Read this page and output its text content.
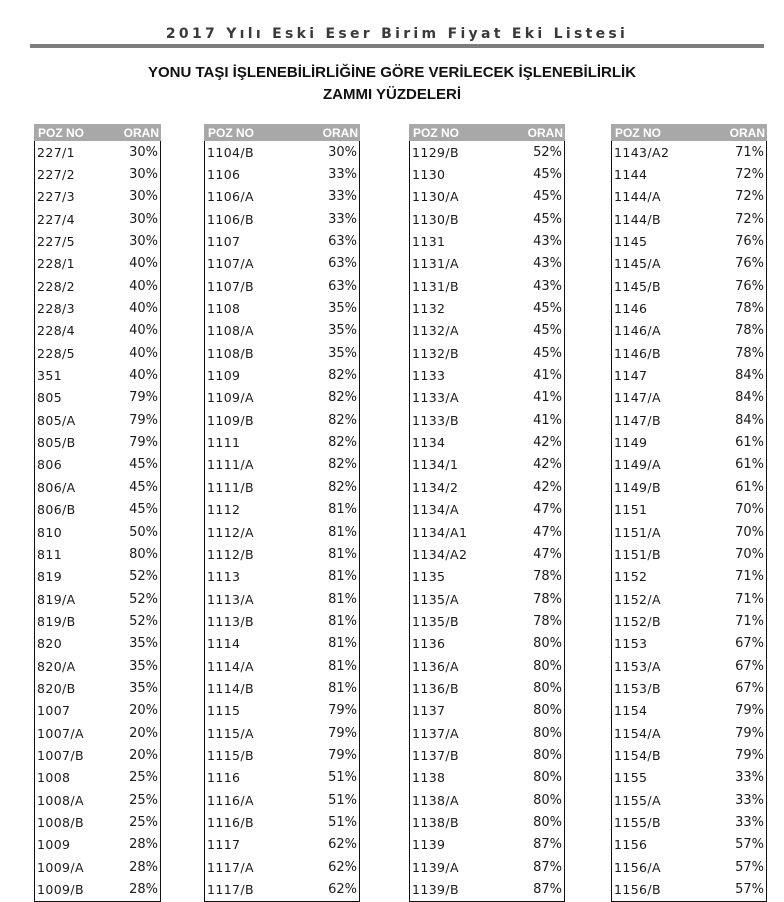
2017 Yılı Eski Eser Birim Fiyat Eki Listesi
YONU TAŞI İŞLENEBİLİRLİĞİNE GÖRE VERİLECEK İŞLENEBİLİRLİK
ZAMMI YÜZDELERİ
POZ NO	ORAN
227/1	30%
227/2	30%
227/3	30%
227/4	30%
227/5	30%
228/1	40%
228/2	40%
228/3	40%
228/4	40%
228/5	40%
351	40%
805	79%
805/A	79%
805/B	79%
806	45%
806/A	45%
806/B	45%
810	50%
811	80%
819	52%
819/A	52%
819/B	52%
820	35%
820/A	35%
820/B	35%
1007	20%
1007/A	20%
1007/B	20%
1008	25%
1008/A	25%
1008/B	25%
1009	28%
1009/A	28%
1009/B	28%
POZ NO	ORAN
1104/B	30%
1106	33%
1106/A	33%
1106/B	33%
1107	63%
1107/A	63%
1107/B	63%
1108	35%
1108/A	35%
1108/B	35%
1109	82%
1109/A	82%
1109/B	82%
1111	82%
1111/A	82%
1111/B	82%
1112	81%
1112/A	81%
1112/B	81%
1113	81%
1113/A	81%
1113/B	81%
1114	81%
1114/A	81%
1114/B	81%
1115	79%
1115/A	79%
1115/B	79%
1116	51%
1116/A	51%
1116/B	51%
1117	62%
1117/A	62%
1117/B	62%
POZ NO	ORAN
1129/B	52%
1130	45%
1130/A	45%
1130/B	45%
1131	43%
1131/A	43%
1131/B	43%
1132	45%
1132/A	45%
1132/B	45%
1133	41%
1133/A	41%
1133/B	41%
1134	42%
1134/1	42%
1134/2	42%
1134/A	47%
1134/A1	47%
1134/A2	47%
1135	78%
1135/A	78%
1135/B	78%
1136	80%
1136/A	80%
1136/B	80%
1137	80%
1137/A	80%
1137/B	80%
1138	80%
1138/A	80%
1138/B	80%
1139	87%
1139/A	87%
1139/B	87%
POZ NO	ORAN
1143/A2	71%
1144	72%
1144/A	72%
1144/B	72%
1145	76%
1145/A	76%
1145/B	76%
1146	78%
1146/A	78%
1146/B	78%
1147	84%
1147/A	84%
1147/B	84%
1149	61%
1149/A	61%
1149/B	61%
1151	70%
1151/A	70%
1151/B	70%
1152	71%
1152/A	71%
1152/B	71%
1153	67%
1153/A	67%
1153/B	67%
1154	79%
1154/A	79%
1154/B	79%
1155	33%
1155/A	33%
1155/B	33%
1156	57%
1156/A	57%
1156/B	57%
